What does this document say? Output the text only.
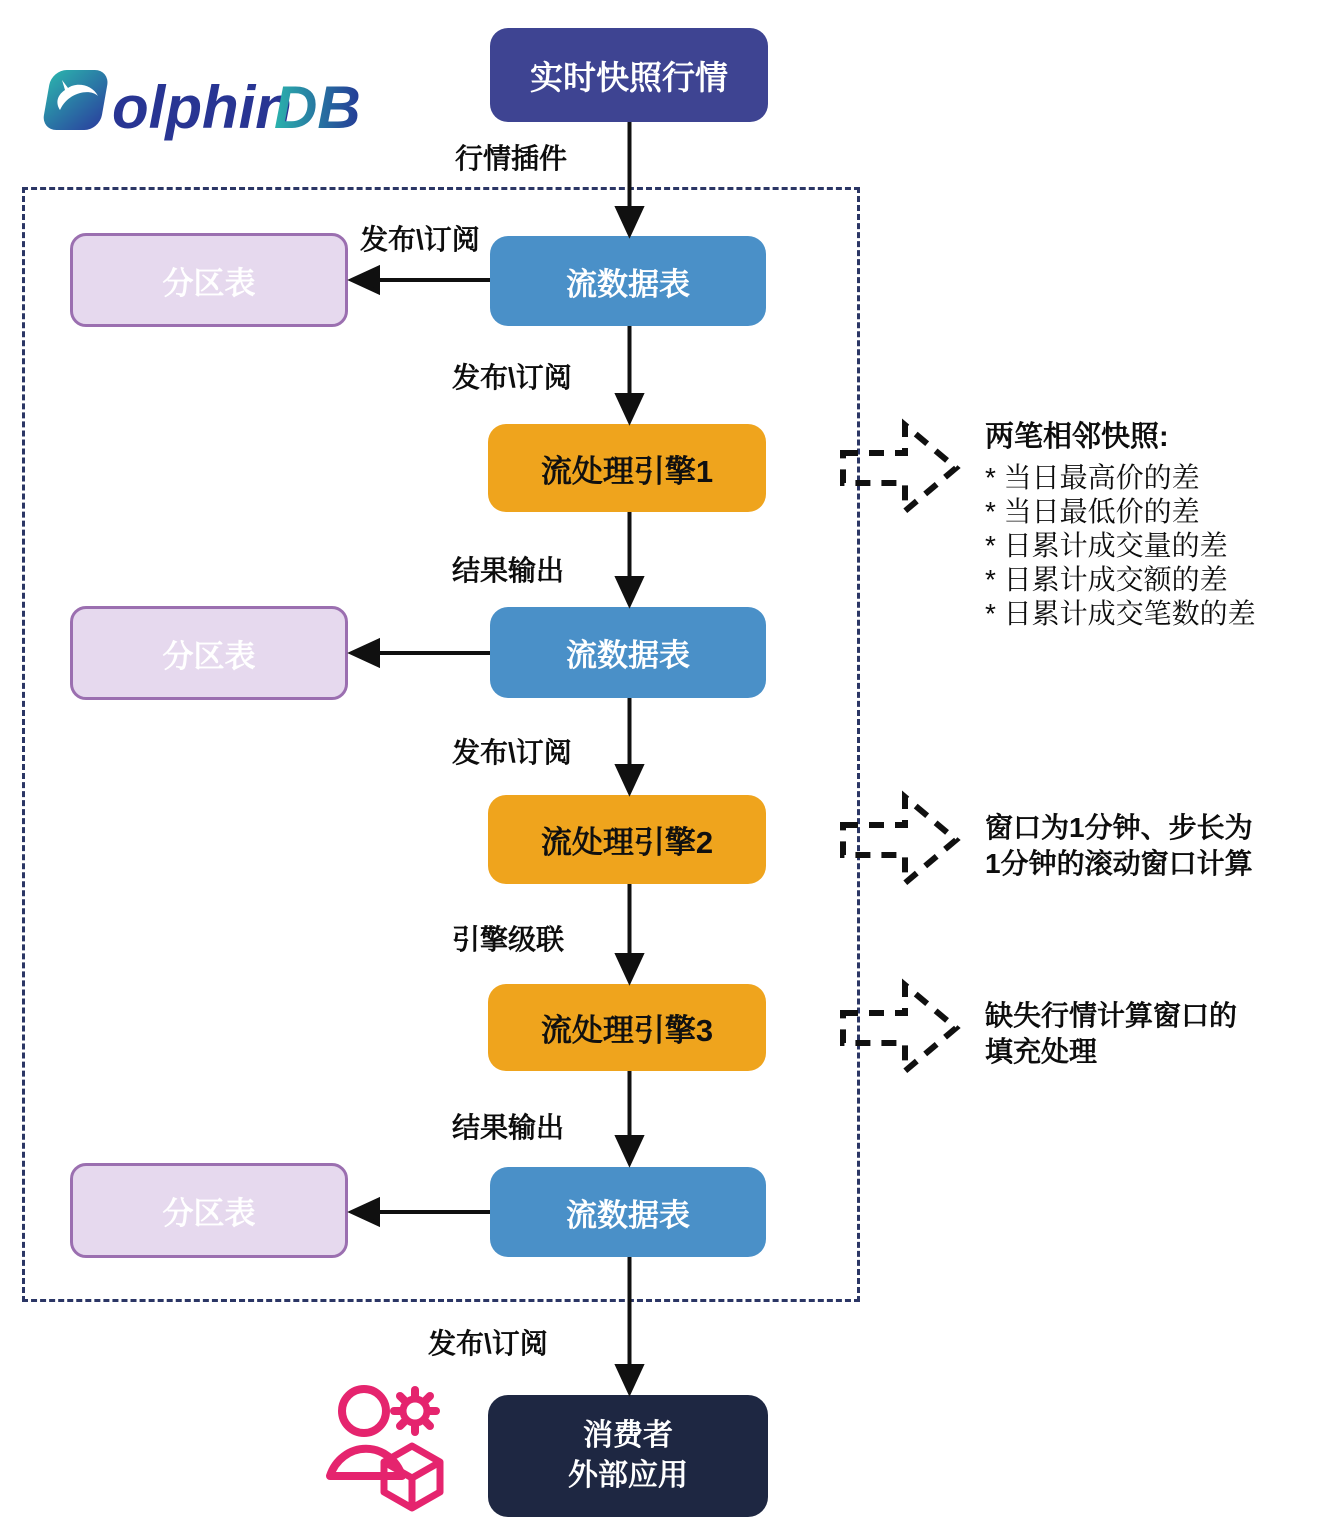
olphin
DB	实时快照行情
分区表	流数据表
流处理引擎1
分区表	流数据表
流处理引擎2
流处理引擎3
分区表	流数据表
消费者
外部应用
行情插件
发布\订阅
发布\订阅
结果输出
发布\订阅
引擎级联
结果输出
发布\订阅
两笔相邻快照:
* 当日最高价的差
* 当日最低价的差
* 日累计成交量的差
* 日累计成交额的差
* 日累计成交笔数的差
窗口为1分钟、步长为
1分钟的滚动窗口计算
缺失行情计算窗口的
填充处理
